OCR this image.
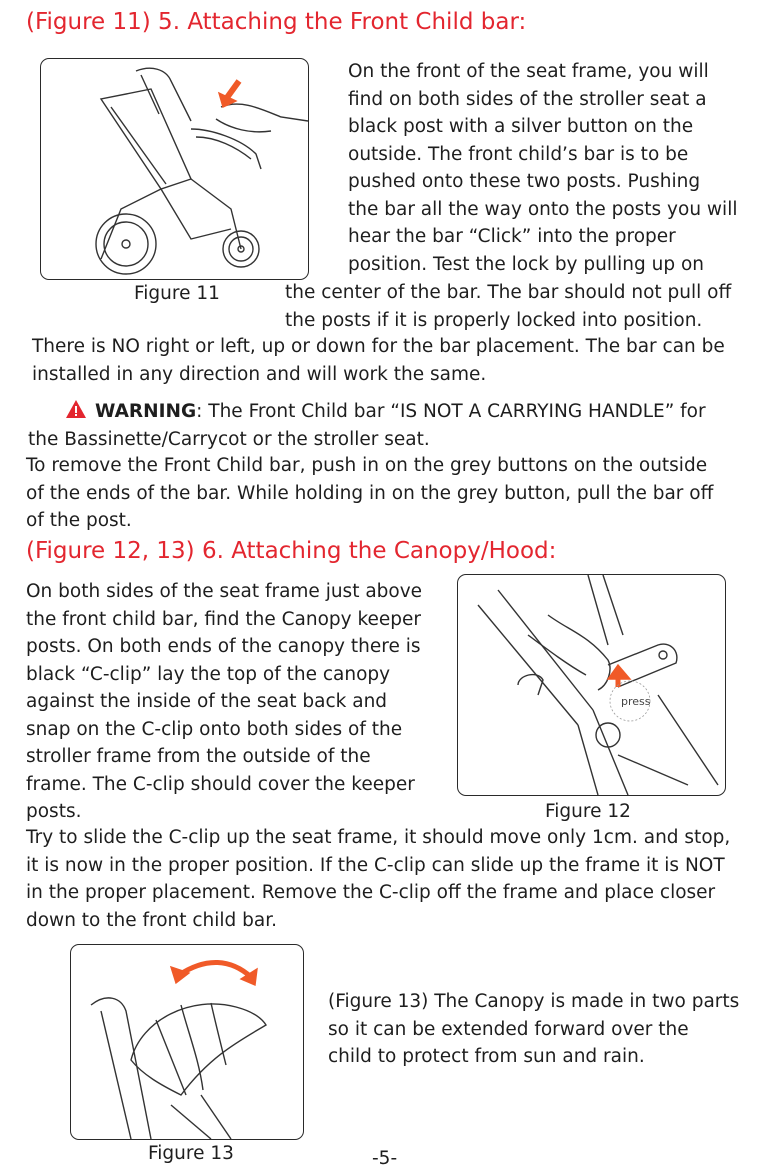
(Figure 11) 5. Attaching the Front Child bar:
Figure 11
On the front of the seat frame, you will
find on both sides of the stroller seat a
black post with a silver button on the
outside. The front child’s bar is to be
pushed onto these two posts. Pushing
the bar all the way onto the posts you will
hear the bar “Click” into the proper
position. Test the lock by pulling up on
the center of the bar. The bar should not pull off
the posts if it is properly locked into position.
There is NO right or left, up or down for the bar placement. The bar can be
installed in any direction and will work the same.
WARNING: The Front Child bar “IS NOT A CARRYING HANDLE” for
the Bassinette/Carrycot or the stroller seat.
To remove the Front Child bar, push in on the grey buttons on the outside
of the ends of the bar. While holding in on the grey button, pull the bar off
of the post.
(Figure 12, 13) 6. Attaching the Canopy/Hood:
On both sides of the seat frame just above
the front child bar, find the Canopy keeper
posts. On both ends of the canopy there is
black “C-clip” lay the top of the canopy
against the inside of the seat back and
snap on the C-clip onto both sides of the
stroller frame from the outside of the
frame. The C-clip should cover the keeper
posts.
press
Figure 12
Try to slide the C-clip up the seat frame, it should move only 1cm. and stop,
it is now in the proper position. If the C-clip can slide up the frame it is NOT
in the proper placement. Remove the C-clip off the frame and place closer
down to the front child bar.
Figure 13
(Figure 13) The Canopy is made in two parts
so it can be extended forward over the
child to protect from sun and rain.
-5-
